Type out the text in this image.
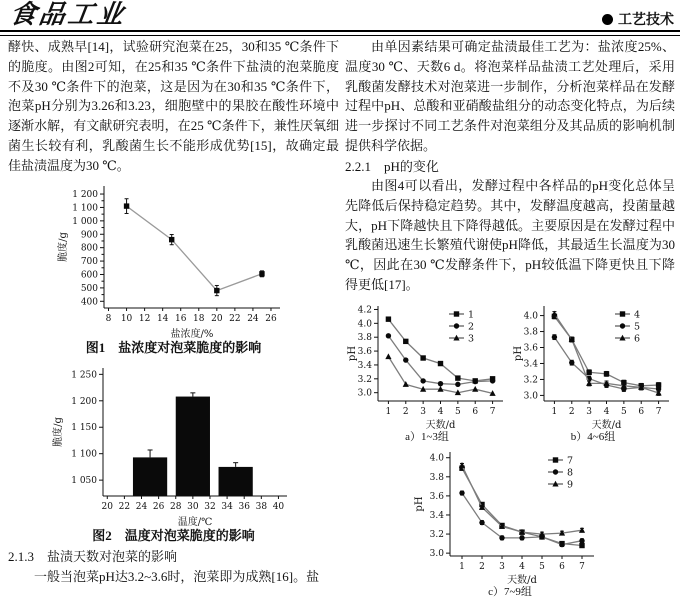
食品工业	工艺技术

酵快、成熟早[14]，试验研究泡菜在25，30和35 ℃条件下的脆度。由图2可知，在25和35 ℃条件下盐渍的泡菜脆度不及30 ℃条件下的泡菜，这是因为在30和35 ℃条件下，泡菜pH分别为3.26和3.23，细胞壁中的果胶在酸性环境中逐渐水解，有文献研究表明，在25 ℃条件下，兼性厌氧细菌生长较有利，乳酸菌生长不能形成优势[15]，故确定最佳盐渍温度为30 ℃。

400
500
600
700
800
900
1 000
1 100
1 200
8 10 12 14 16 18 20 22 24 26
盐浓度/%
脆度/g
图1　盐浓度对泡菜脆度的影响
1 050
1 100
1 150
1 200
1 250
20 22 24 26 28 30 32 34 36 38 40
温度/℃
脆度/g
图2　温度对泡菜脆度的影响

2.1.3　盐渍天数对泡菜的影响

一般当泡菜pH达3.2~3.6时，泡菜即为成熟[16]。盐

由单因素结果可确定盐渍最佳工艺为：盐浓度25%、温度30 ℃、天数6 d。将泡菜样品盐渍工艺处理后，采用乳酸菌发酵技术对泡菜进一步制作，分析泡菜样品在发酵过程中pH、总酸和亚硝酸盐组分的动态变化特点，为后续进一步探讨不同工艺条件对泡菜组分及其品质的影响机制提供科学依据。

2.2.1　pH的变化

由图4可以看出，发酵过程中各样品的pH变化总体呈先降低后保持稳定趋势。其中，发酵温度越高，投菌量越大，pH下降越快且下降得越低。主要原因是在发酵过程中乳酸菌迅速生长繁殖代谢使pH降低，其最适生长温度为30 ℃，因此在30 ℃发酵条件下，pH较低温下降更快且下降得更低[17]。

3.0
3.2
3.4
3.6
3.8
4.0
4.2
1 2 3 4 5 6 7
天数/d
pH
1
2
3
a）1~3组
3.0
3.2
3.4
3.6
3.8
4.0
1 2 3 4 5 6 7
天数/d
pH
4
5
6
b）4~6组
3.0
3.2
3.4
3.6
3.8
4.0
1 2 3 4 5 6 7
天数/d
pH
7
8
9
c）7~9组
